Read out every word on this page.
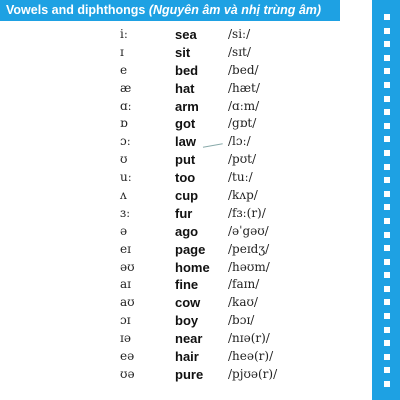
Vowels and diphthongs (Nguyên âm và nhị trùng âm)
iː	sea	/siː/
ɪ	sit	/sɪt/
e	bed	/bed/
æ	hat	/hæt/
ɑː	arm	/ɑːm/
ɒ	got	/gɒt/
ɔː	law	/lɔː/
ʊ	put	/pʊt/
uː	too	/tuː/
ʌ	cup	/kʌp/
ɜː	fur	/fɜː(r)/
ə	ago	/əˈgəʊ/
eɪ	page	/peɪdʒ/
əʊ	home	/həʊm/
aɪ	fine	/faɪn/
aʊ	cow	/kaʊ/
ɔɪ	boy	/bɔɪ/
ɪə	near	/nɪə(r)/
eə	hair	/heə(r)/
ʊə	pure	/pjʊə(r)/
